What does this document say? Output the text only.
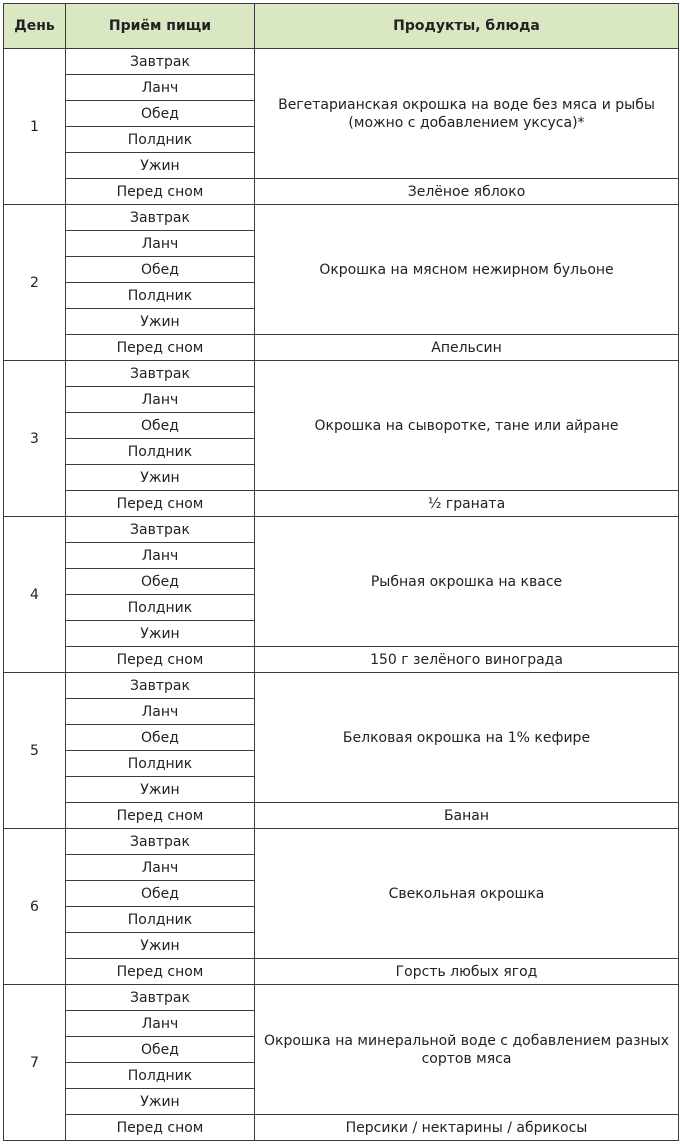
День	Приём пищи	Продукты, блюда
1	Завтрак	Вегетарианская окрошка на воде без мяса и рыбы (можно с добавлением уксуса)*
	Ланч	
	Обед	
	Полдник	
	Ужин	
	Перед сном	Зелёное яблоко
2	Завтрак	Окрошка на мясном нежирном бульоне
	Ланч	
	Обед	
	Полдник	
	Ужин	
	Перед сном	Апельсин
3	Завтрак	Окрошка на сыворотке, тане или айране
	Ланч	
	Обед	
	Полдник	
	Ужин	
	Перед сном	½ граната
4	Завтрак	Рыбная окрошка на квасе
	Ланч	
	Обед	
	Полдник	
	Ужин	
	Перед сном	150 г зелёного винограда
5	Завтрак	Белковая окрошка на 1% кефире
	Ланч	
	Обед	
	Полдник	
	Ужин	
	Перед сном	Банан
6	Завтрак	Свекольная окрошка
	Ланч	
	Обед	
	Полдник	
	Ужин	
	Перед сном	Горсть любых ягод
7	Завтрак	Окрошка на минеральной воде с добавлением разных сортов мяса
	Ланч	
	Обед	
	Полдник	
	Ужин	
	Перед сном	Персики / нектарины / абрикосы
